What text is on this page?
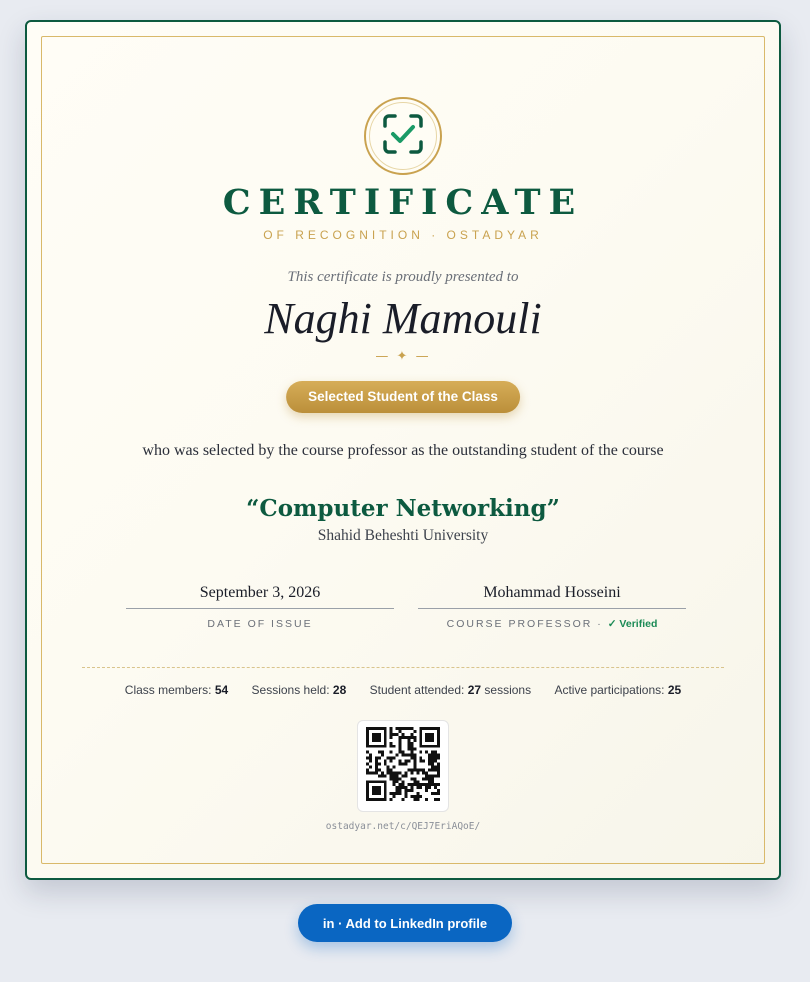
CERTIFICATE
OF RECOGNITION · OSTADYAR
This certificate is proudly presented to
Naghi Mamouli
— ✦ —
Selected Student of the Class
who was selected by the course professor as the outstanding student of the course
“Computer Networking”
Shahid Beheshti University
September 3, 2026
DATE OF ISSUE
Mohammad Hosseini
COURSE PROFESSOR · ✓ Verified
Class members: 54 Sessions held: 28 Student attended: 27 sessions Active participations: 25
ostadyar.net/c/QEJ7EriAQoE/
in · Add to LinkedIn profile
